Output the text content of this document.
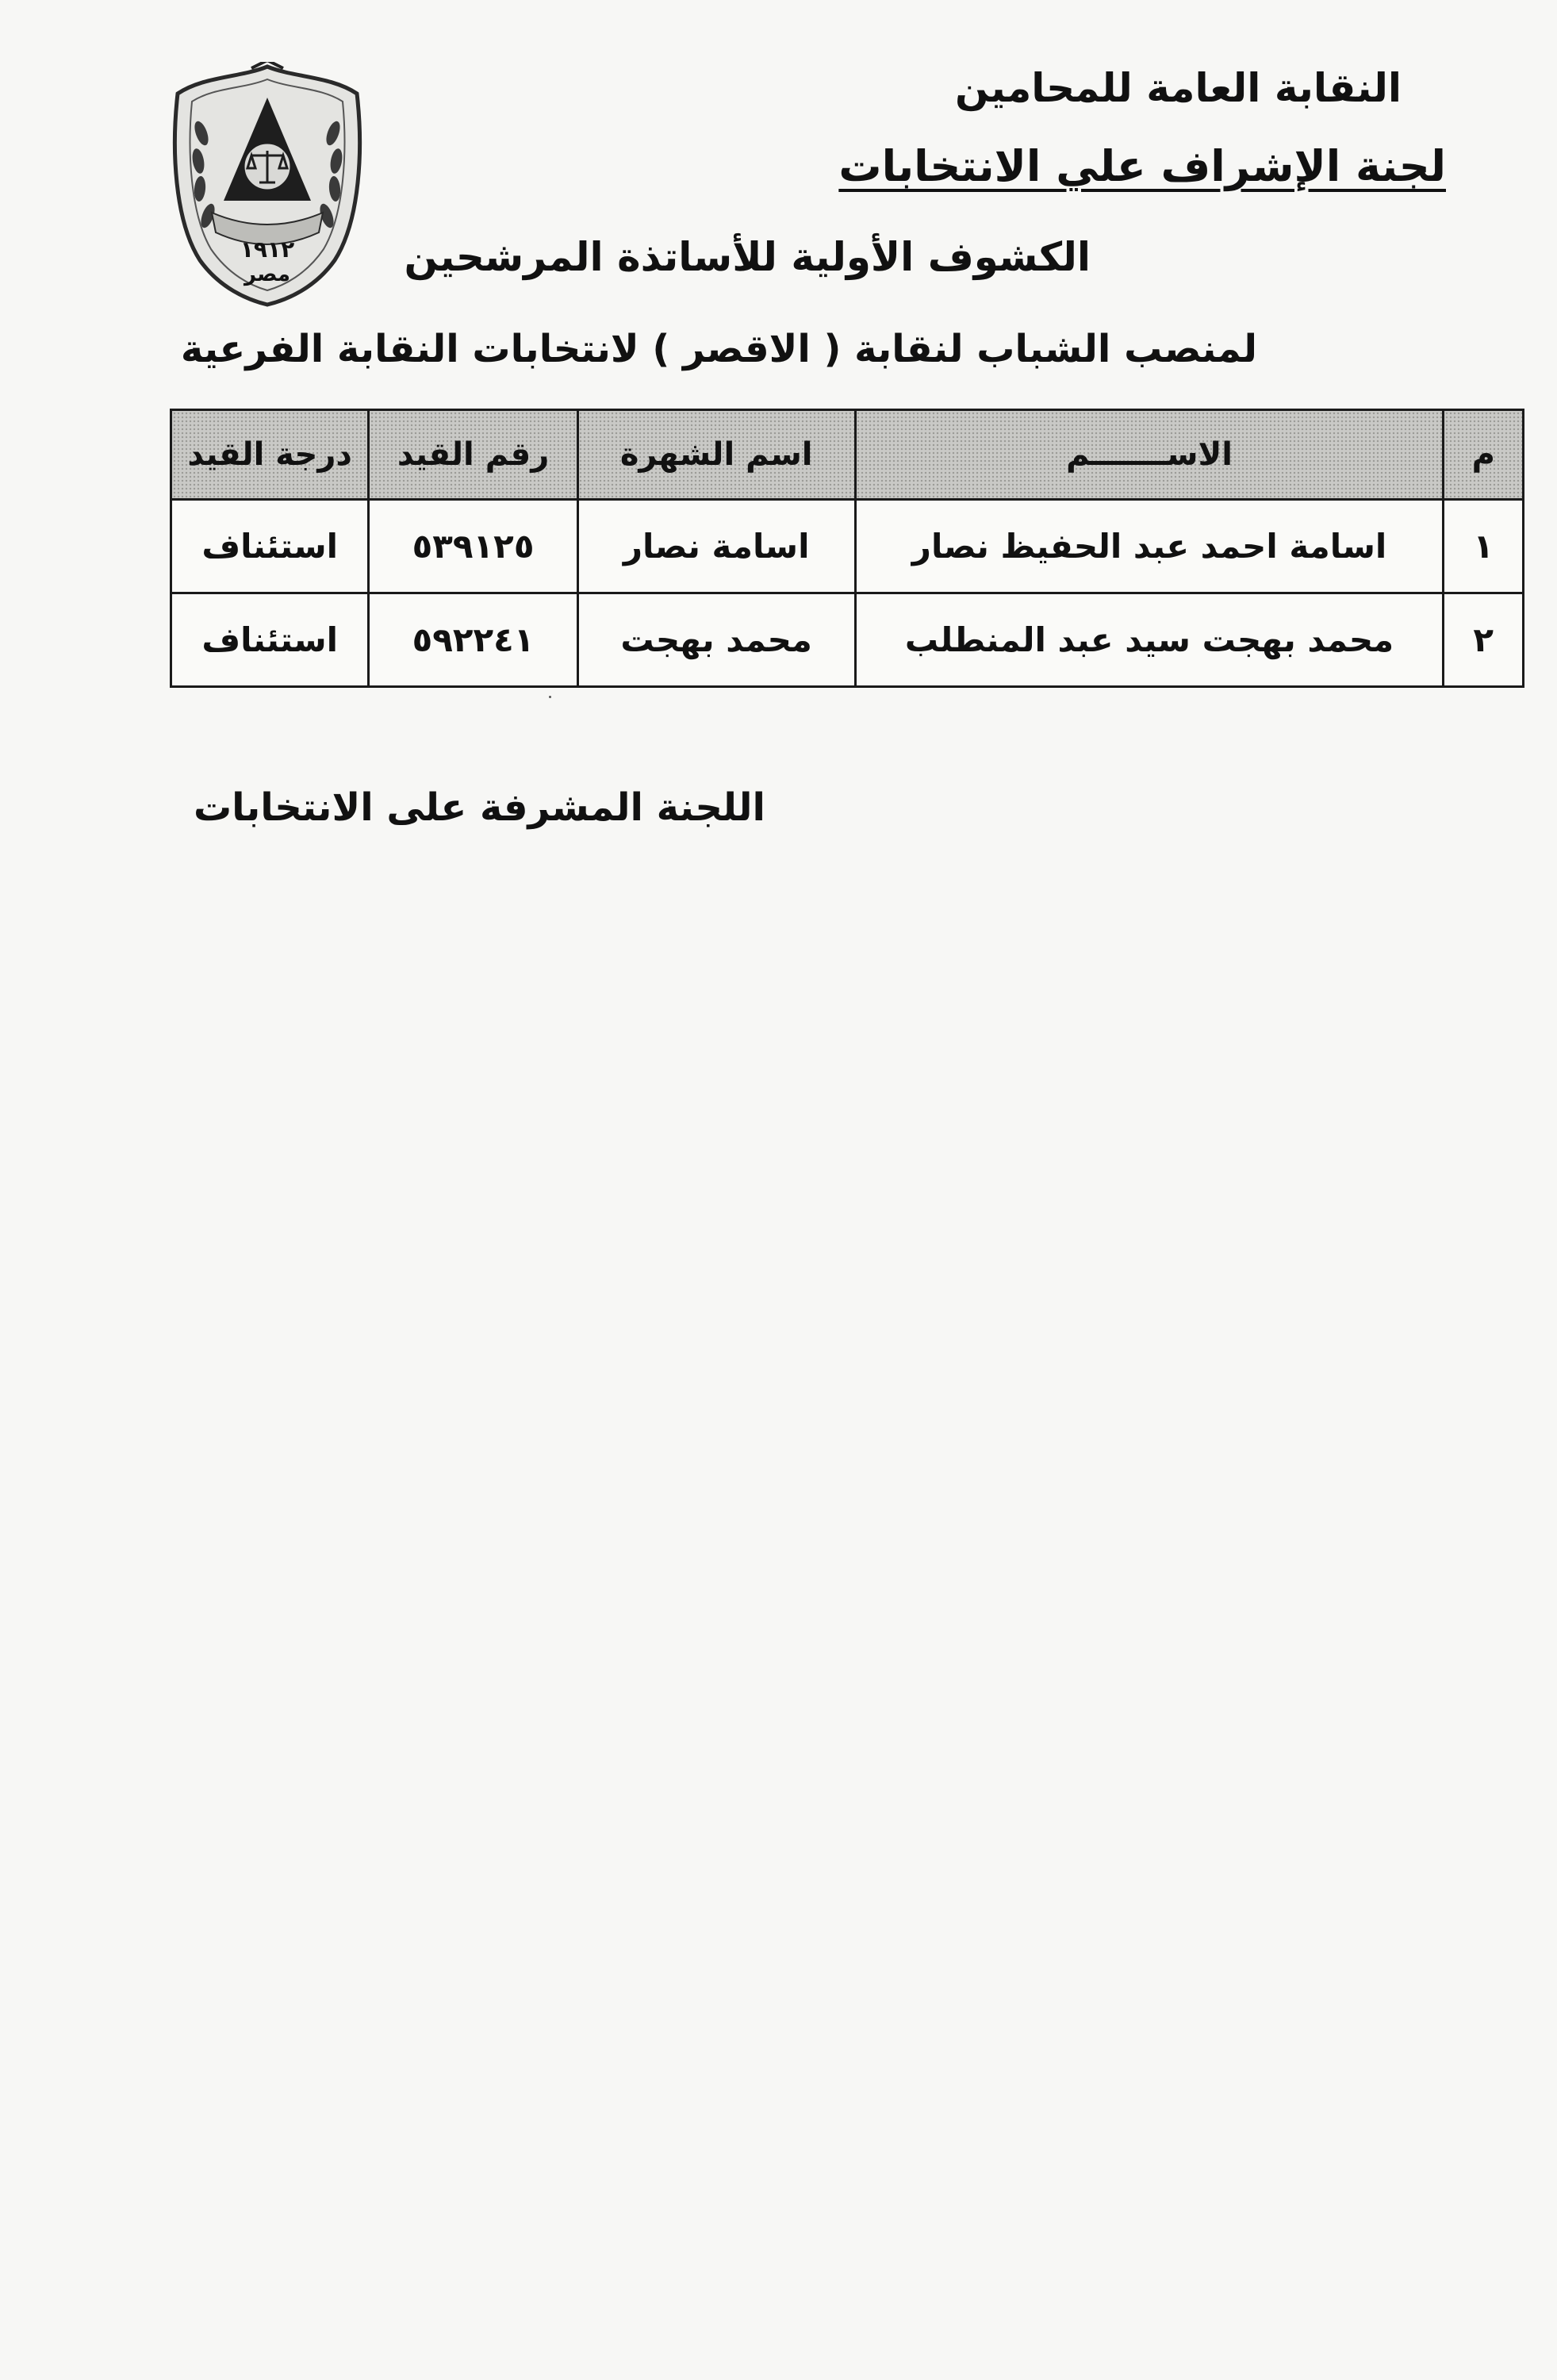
١٩١٢
مصر
النقابة العامة للمحامين
لجنة الإشراف علي الانتخابات
الكشوف الأولية للأساتذة المرشحين
لمنصب الشباب لنقابة ( الاقصر ) لانتخابات النقابة الفرعية
م	الاســـــــم	اسم الشهرة	رقم القيد	درجة القيد
١	اسامة احمد عبد الحفيظ نصار	اسامة نصار	٥٣٩١٢٥	استئناف
٢	محمد بهجت سيد عبد المنطلب	محمد بهجت	٥٩٢٢٤١	استئناف
اللجنة المشرفة على الانتخابات
